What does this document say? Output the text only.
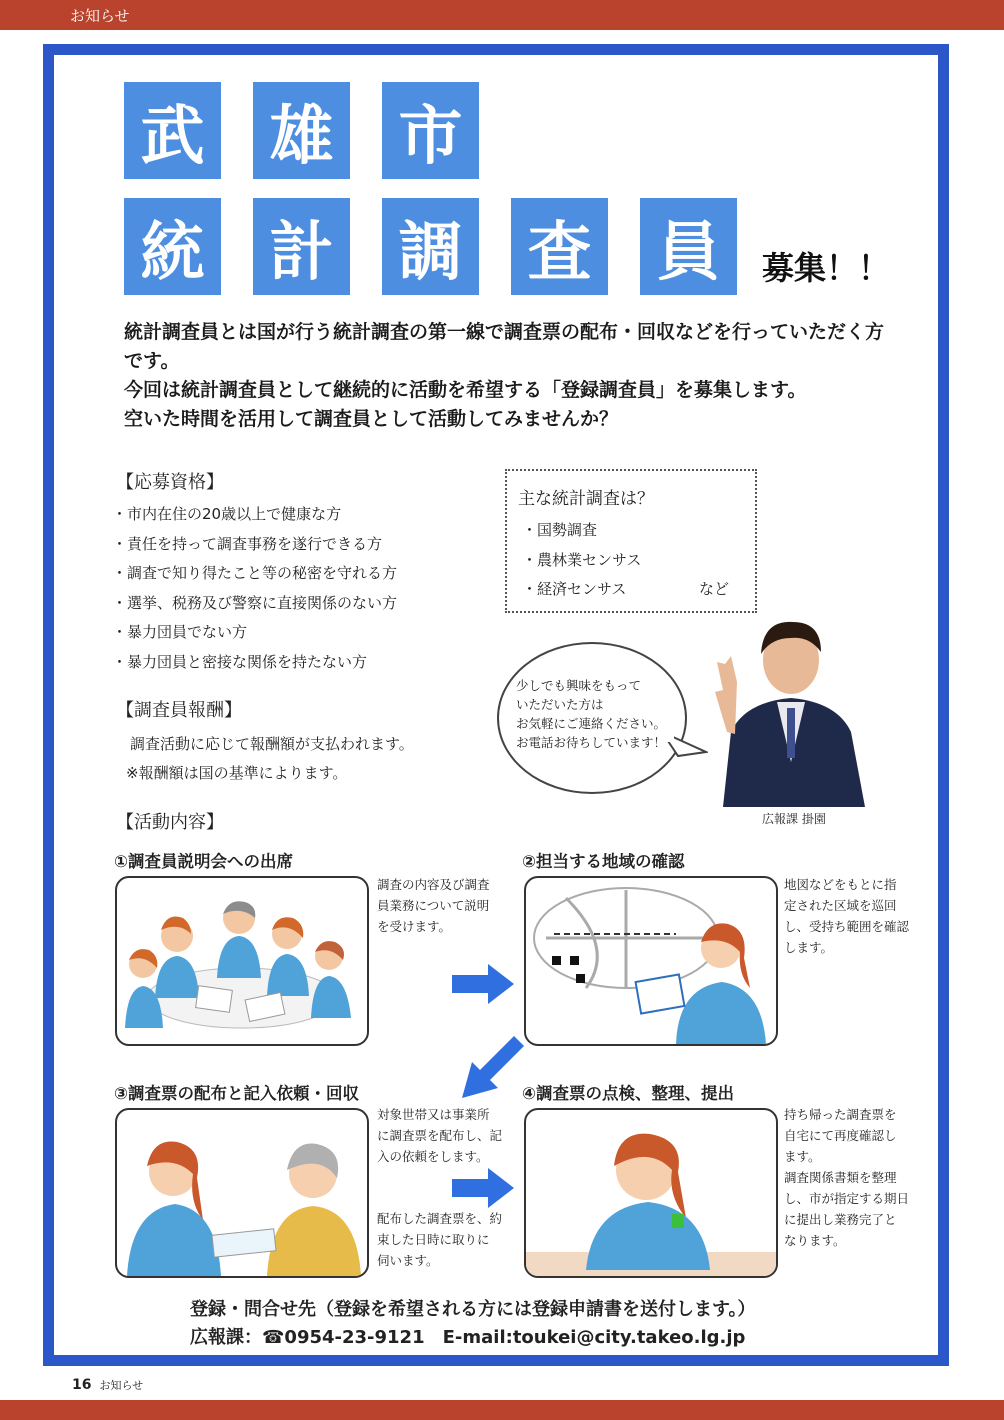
お知らせ
武 雄 市
統 計 調 査 員	募集！！

統計調査員とは国が行う統計調査の第一線で調査票の配布・回収などを行っていただく方です。

今回は統計調査員として継続的に活動を希望する「登録調査員」を募集します。

空いた時間を活用して調査員として活動してみませんか？

【応募資格】
・市内在住の20歳以上で健康な方
・責任を持って調査事務を遂行できる方
・調査で知り得たこと等の秘密を守れる方
・選挙、税務及び警察に直接関係のない方
・暴力団員でない方
・暴力団員と密接な関係を持たない方
主な統計調査は？
・国勢調査
・農林業センサス
・経済センサス	など
少しでも興味をもって
いただいた方は
お気軽にご連絡ください。
お電話お待ちしています！
広報課 掛園
【調査員報酬】
調査活動に応じて報酬額が支払われます。
※報酬額は国の基準によります。
【活動内容】
①調査員説明会への出席
調査の内容及び調査
員業務について説明
を受けます。
②担当する地域の確認
地図などをもとに指
定された区域を巡回
し、受持ち範囲を確認
します。
③調査票の配布と記入依頼・回収
対象世帯又は事業所
に調査票を配布し、記
入の依頼をします。
配布した調査票を、約
束した日時に取りに
伺います。
④調査票の点検、整理、提出
持ち帰った調査票を
自宅にて再度確認し
ます。
調査関係書類を整理
し、市が指定する期日
に提出し業務完了と
なります。
登録・問合せ先（登録を希望される方には登録申請書を送付します。）
広報課：☎0954-23-9121　E-mail:toukei@city.takeo.lg.jp
16 お知らせ
